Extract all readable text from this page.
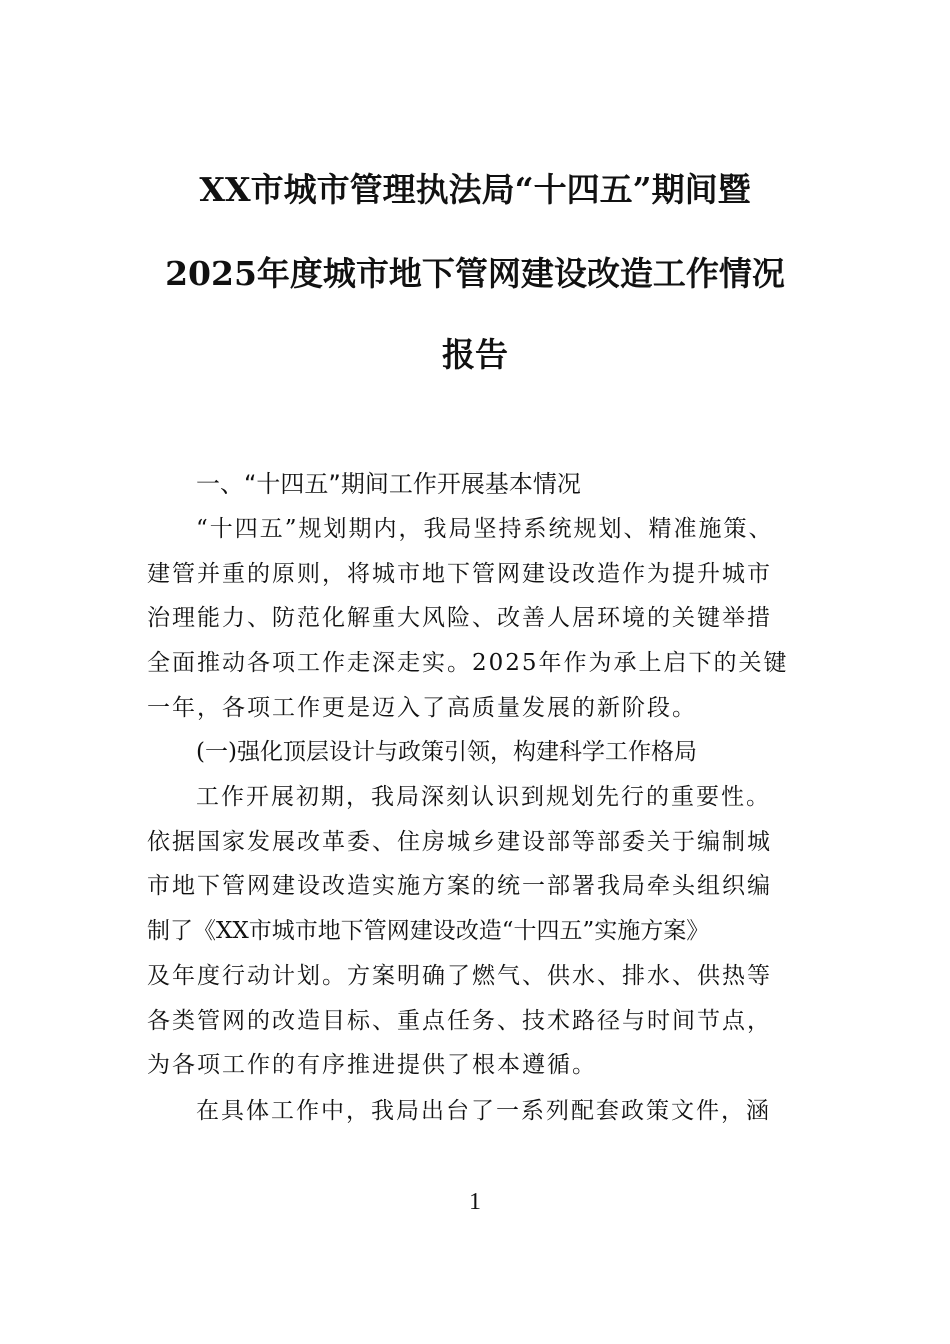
XX市城市管理执法局“十四五”期间暨
2025年度城市地下管网建设改造工作情况
报告
一、“十四五”期间工作开展基本情况
“十四五”规划期内，我局坚持系统规划、精准施策、
建管并重的原则，将城市地下管网建设改造作为提升城市
治理能力、防范化解重大风险、改善人居环境的关键举措
全面推动各项工作走深走实。2025年作为承上启下的关键
一年，各项工作更是迈入了高质量发展的新阶段。
(一)强化顶层设计与政策引领，构建科学工作格局
工作开展初期，我局深刻认识到规划先行的重要性。
依据国家发展改革委、住房城乡建设部等部委关于编制城
市地下管网建设改造实施方案的统一部署我局牵头组织编
制了《XX市城市地下管网建设改造“十四五”实施方案》
及年度行动计划。方案明确了燃气、供水、排水、供热等
各类管网的改造目标、重点任务、技术路径与时间节点，
为各项工作的有序推进提供了根本遵循。
在具体工作中，我局出台了一系列配套政策文件，涵
1
